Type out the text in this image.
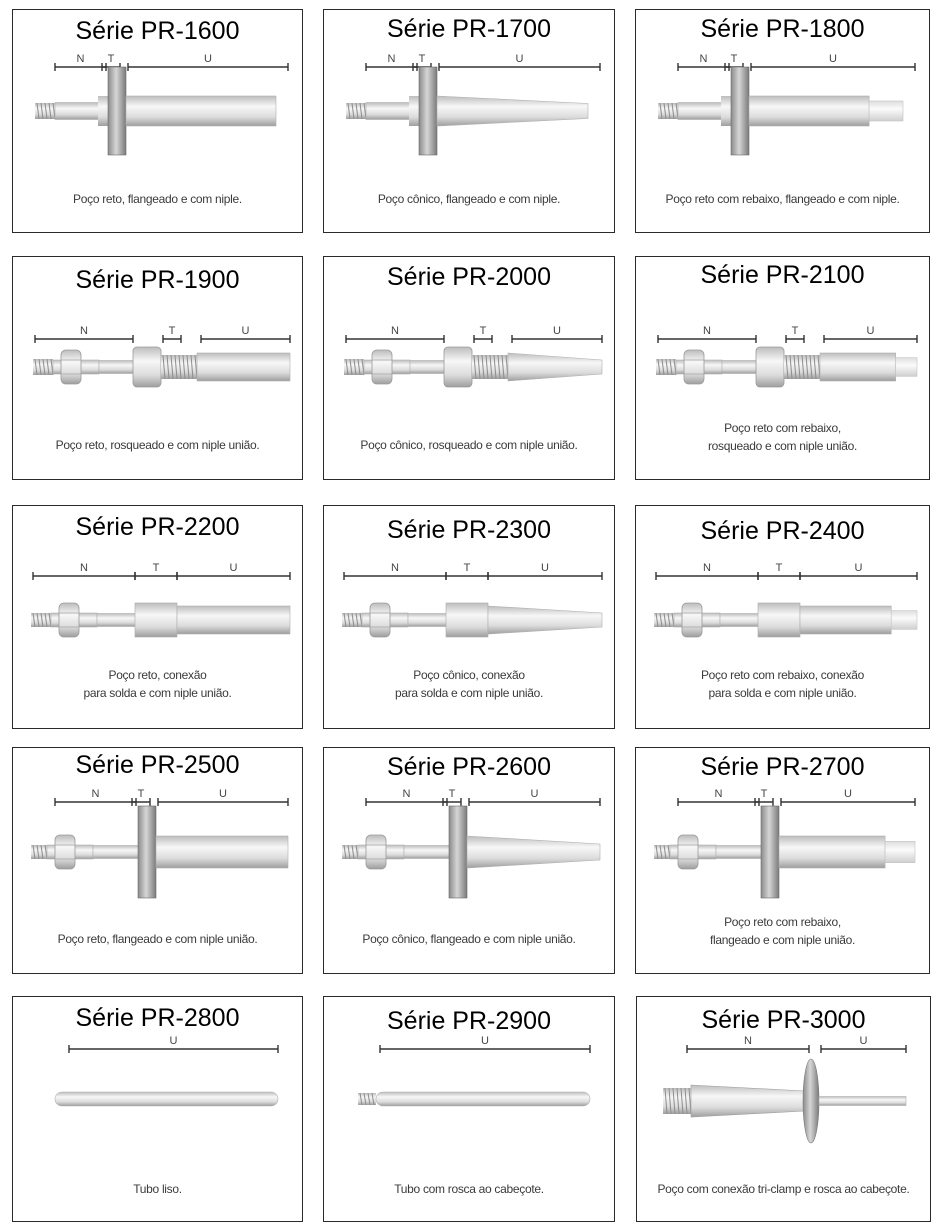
Série PR-1600
N T	U
Poço reto, flangeado e com niple.
Série PR-1700
N T	U
Poço cônico, flangeado e com niple.
Série PR-1800
N T	U
Poço reto com rebaixo, flangeado e com niple.
Série PR-1900
N	T	U
Poço reto, rosqueado e com niple união.
Série PR-2000
N	T	U
Poço cônico, rosqueado e com niple união.
Série PR-2100
N	T	U
Poço reto com rebaixo,
rosqueado e com niple união.
Série PR-2200
N	T	U
Poço reto, conexão
para solda e com niple união.
Série PR-2300
N	T	U
Poço cônico, conexão
para solda e com niple união.
Série PR-2400
N	T	U
Poço reto com rebaixo, conexão
para solda e com niple união.
Série PR-2500
N	T	U
Poço reto, flangeado e com niple união.
Série PR-2600
N	T	U
Poço cônico, flangeado e com niple união.
Série PR-2700
N	T	U
Poço reto com rebaixo,
flangeado e com niple união.
Série PR-2800
U
Tubo liso.
Série PR-2900
U
Tubo com rosca ao cabeçote.
Série PR-3000
N	U
Poço com conexão tri-clamp e rosca ao cabeçote.
